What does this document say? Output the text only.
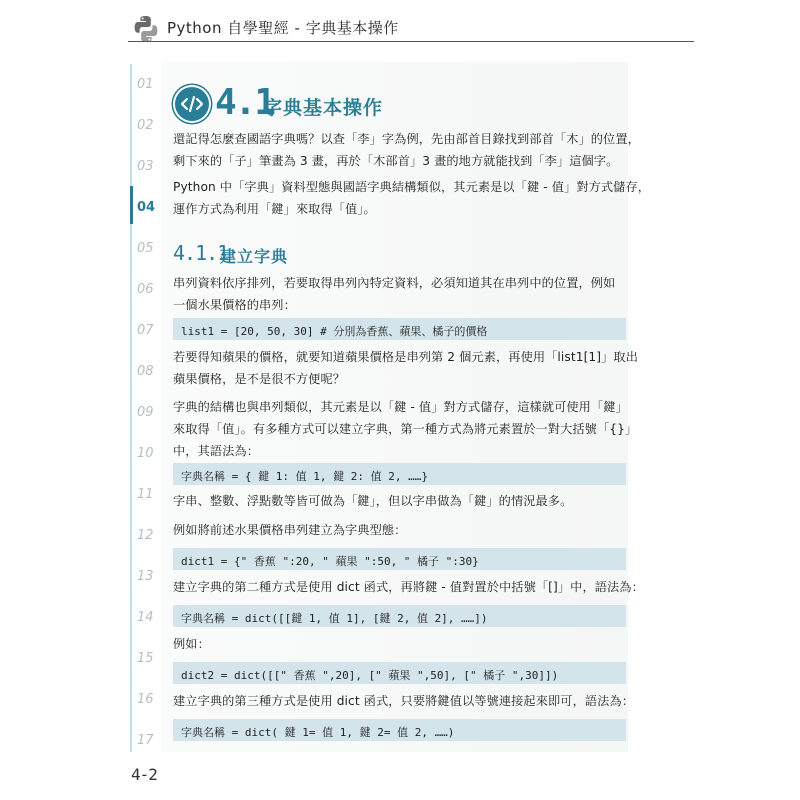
Python 自學聖經 - 字典基本操作
01
02
03
04
05
06
07
08
09
10
11
12
13
14
15
16
17
4.1
字典基本操作
還記得怎麼查國語字典嗎？以查「李」字為例，先由部首目錄找到部首「木」的位置，
剩下來的「子」筆畫為 3 畫，再於「木部首」3 畫的地方就能找到「李」這個字。
Python 中「字典」資料型態與國語字典結構類似，其元素是以「鍵 - 值」對方式儲存，
運作方式為利用「鍵」來取得「值」。
4.1.1
建立字典
串列資料依序排列，若要取得串列內特定資料，必須知道其在串列中的位置，例如
一個水果價格的串列：
list1 = [20, 50, 30] # 分別為香蕉、蘋果、橘子的價格
若要得知蘋果的價格，就要知道蘋果價格是串列第 2 個元素，再使用「list1[1]」取出
蘋果價格，是不是很不方便呢？
字典的結構也與串列類似，其元素是以「鍵 - 值」對方式儲存，這樣就可使用「鍵」
來取得「值」。有多種方式可以建立字典，第一種方式為將元素置於一對大括號「{}」
中，其語法為：
字典名稱 = { 鍵 1: 值 1, 鍵 2: 值 2, ……}
字串、整數、浮點數等皆可做為「鍵」，但以字串做為「鍵」的情況最多。
例如將前述水果價格串列建立為字典型態：
dict1 = {" 香蕉 ":20, " 蘋果 ":50, " 橘子 ":30}
建立字典的第二種方式是使用 dict 函式，再將鍵 - 值對置於中括號「[]」中，語法為：
字典名稱 = dict([[鍵 1, 值 1], [鍵 2, 值 2], ……])
例如：
dict2 = dict([[" 香蕉 ",20], [" 蘋果 ",50], [" 橘子 ",30]])
建立字典的第三種方式是使用 dict 函式，只要將鍵值以等號連接起來即可，語法為：
字典名稱 = dict( 鍵 1= 值 1, 鍵 2= 值 2, ……)
4-2
